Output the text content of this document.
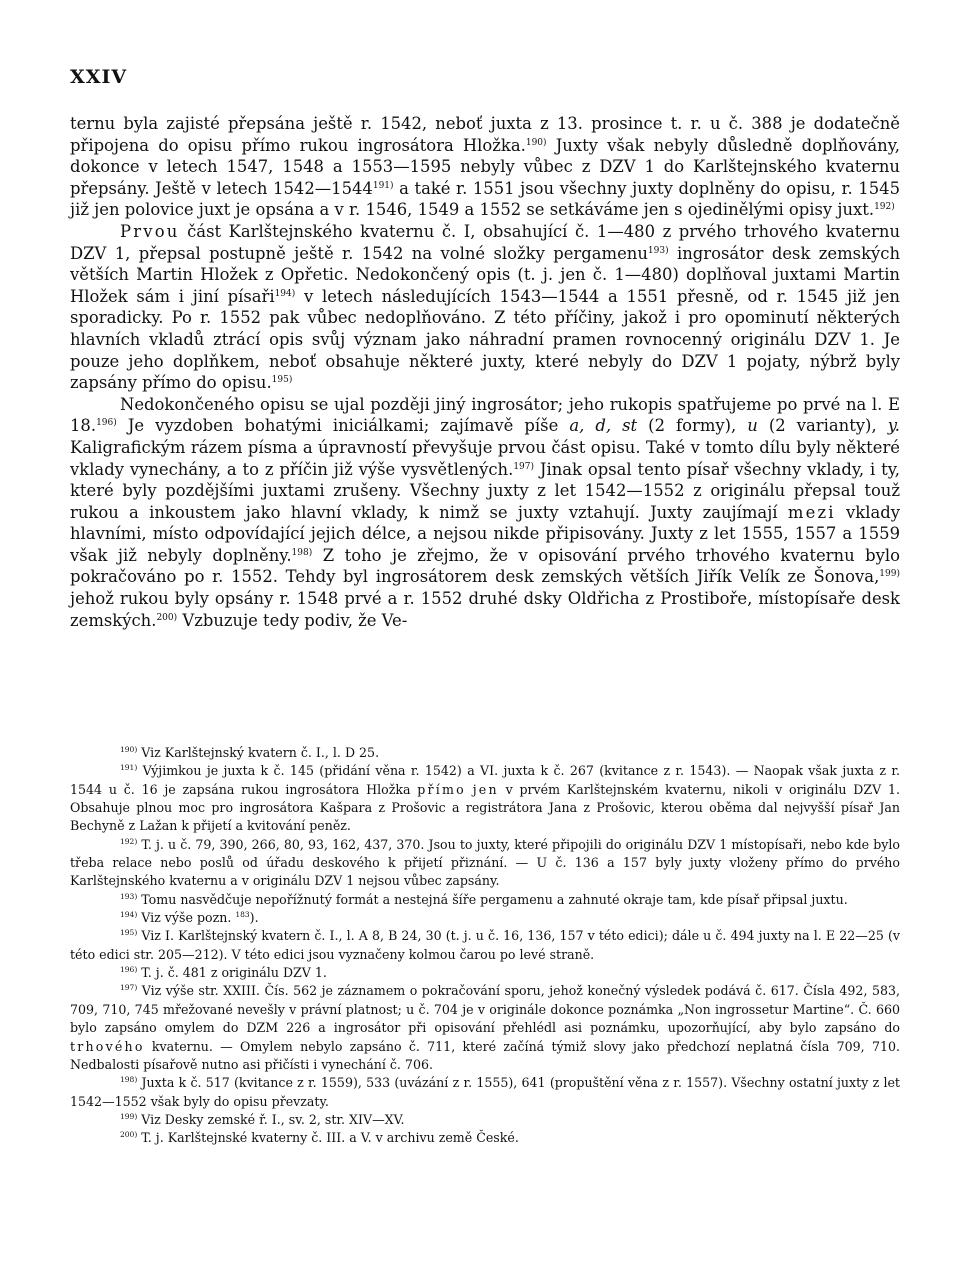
XXIV

ternu byla zajisté přepsána ještě r. 1542, neboť juxta z 13. prosince t. r. u č. 388 je dodatečně připojena do opisu přímo rukou ingrosátora Hložka.$^{190)}$ Juxty však nebyly důsledně doplňovány, dokonce v letech 1547, 1548 a 1553—1595 nebyly vůbec z DZV 1 do Karlštejnského kvaternu přepsány. Ještě v letech 1542—1544$^{191)}$ a také r. 1551 jsou všechny juxty doplněny do opisu, r. 1545 již jen polovice juxt je opsána a v r. 1546, 1549 a 1552 se setkáváme jen s ojedinělými opisy juxt.$^{192)}$

Prvou část Karlštejnského kvaternu č. I, obsahující č. 1—480 z prvého trhového kvaternu DZV 1, přepsal postupně ještě r. 1542 na volné složky pergamenu$^{193)}$ ingrosátor desk zemských větších Martin Hložek z Opřetic. Nedokončený opis (t. j. jen č. 1—480) doplňoval juxtami Martin Hložek sám i jiní písaři$^{194)}$ v letech následujících 1543—1544 a 1551 přesně, od r. 1545 již jen sporadicky. Po r. 1552 pak vůbec nedoplňováno. Z této příčiny, jakož i pro opominutí některých hlavních vkladů ztrácí opis svůj význam jako náhradní pramen rovnocenný originálu DZV 1. Je pouze jeho doplňkem, neboť obsahuje některé juxty, které nebyly do DZV 1 pojaty, nýbrž byly zapsány přímo do opisu.$^{195)}$

Nedokončeného opisu se ujal později jiný ingrosátor; jeho rukopis spatřujeme po prvé na l. E 18.$^{196)}$ Je vyzdoben bohatými iniciálkami; zajímavě píše a, d, st (2 formy), u (2 varianty), y. Kaligrafickým rázem písma a úpravností převyšuje prvou část opisu. Také v tomto dílu byly některé vklady vynechány, a to z příčin již výše vysvětlených.$^{197)}$ Jinak opsal tento písař všechny vklady, i ty, které byly pozdějšími juxtami zrušeny. Všechny juxty z let 1542—1552 z originálu přepsal touž rukou a inkoustem jako hlavní vklady, k nimž se juxty vztahují. Juxty zaujímají mezi vklady hlavními, místo odpovídající jejich délce, a nejsou nikde připisovány. Juxty z let 1555, 1557 a 1559 však již nebyly doplněny.$^{198)}$ Z toho je zřejmo, že v opisování prvého trhového kvaternu bylo pokračováno po r. 1552. Tehdy byl ingrosátorem desk zemských větších Jiřík Velík ze Šonova,$^{199)}$ jehož rukou byly opsány r. 1548 prvé a r. 1552 druhé dsky Oldřicha z Prostiboře, místopísaře desk zemských.$^{200)}$ Vzbuzuje tedy podiv, že Ve-

$^{190)}$ Viz Karlštejnský kvatern č. I., l. D 25.

$^{191)}$ Výjimkou je juxta k č. 145 (přidání věna r. 1542) a VI. juxta k č. 267 (kvitance z r. 1543). — Naopak však juxta z r. 1544 u č. 16 je zapsána rukou ingrosátora Hložka přímo jen v prvém Karlštejnském kvaternu, nikoli v originálu DZV 1. Obsahuje plnou moc pro ingrosátora Kašpara z Prošovic a registrátora Jana z Prošovic, kterou oběma dal nejvyšší písař Jan Bechyně z Lažan k přijetí a kvitování peněz.

$^{192)}$ T. j. u č. 79, 390, 266, 80, 93, 162, 437, 370. Jsou to juxty, které připojili do originálu DZV 1 místopísaři, nebo kde bylo třeba relace nebo poslů od úřadu deskového k přijetí přiznání. — U č. 136 a 157 byly juxty vloženy přímo do prvého Karlštejnského kvaternu a v originálu DZV 1 nejsou vůbec zapsány.

$^{193)}$ Tomu nasvědčuje nepořížnutý formát a nestejná šíře pergamenu a zahnuté okraje tam, kde písař připsal juxtu.

$^{194)}$ Viz výše pozn. $^{183}$).

$^{195)}$ Viz I. Karlštejnský kvatern č. I., l. A 8, B 24, 30 (t. j. u č. 16, 136, 157 v této edici); dále u č. 494 juxty na l. E 22—25 (v této edici str. 205—212). V této edici jsou vyznačeny kolmou čarou po levé straně.

$^{196)}$ T. j. č. 481 z originálu DZV 1.

$^{197)}$ Viz výše str. XXIII. Čís. 562 je záznamem o pokračování sporu, jehož konečný výsledek podává č. 617. Čísla 492, 583, 709, 710, 745 mřežované nevešly v právní platnost; u č. 704 je v originále dokonce poznámka „Non ingrossetur Martine“. Č. 660 bylo zapsáno omylem do DZM 226 a ingrosátor při opisování přehlédl asi poznámku, upozorňující, aby bylo zapsáno do trhového kvaternu. — Omylem nebylo zapsáno č. 711, které začíná týmiž slovy jako předchozí neplatná čísla 709, 710. Nedbalosti písařově nutno asi přičísti i vynechání č. 706.

$^{198)}$ Juxta k č. 517 (kvitance z r. 1559), 533 (uvázání z r. 1555), 641 (propuštění věna z r. 1557). Všechny ostatní juxty z let 1542—1552 však byly do opisu převzaty.

$^{199)}$ Viz Desky zemské ř. I., sv. 2, str. XIV—XV.

$^{200)}$ T. j. Karlštejnské kvaterny č. III. a V. v archivu země České.
